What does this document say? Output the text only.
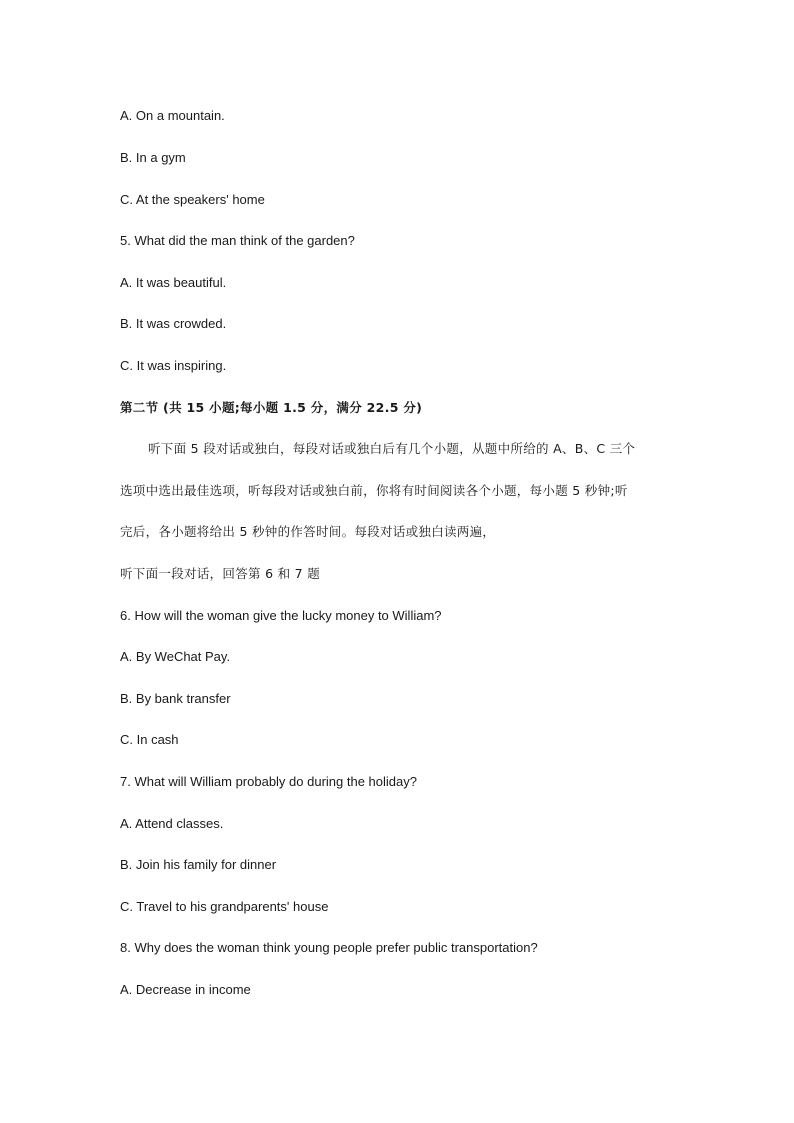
A. On a mountain.
B. In a gym
C. At the speakers' home
5. What did the man think of the garden?
A. It was beautiful.
B. It was crowded.
C. It was inspiring.
第二节 (共 15 小题;每小题 1.5 分，满分 22.5 分)
听下面 5 段对话或独白，每段对话或独白后有几个小题，从题中所给的 A、B、C 三个
选项中选出最佳选项，听每段对话或独白前，你将有时间阅读各个小题，每小题 5 秒钟;听
完后，各小题将给出 5 秒钟的作答时间。每段对话或独白读两遍，
听下面一段对话，回答第 6 和 7 题
6. How will the woman give the lucky money to William?
A. By WeChat Pay.
B. By bank transfer
C. In cash
7. What will William probably do during the holiday?
A. Attend classes.
B. Join his family for dinner
C. Travel to his grandparents' house
8. Why does the woman think young people prefer public transportation?
A. Decrease in income
